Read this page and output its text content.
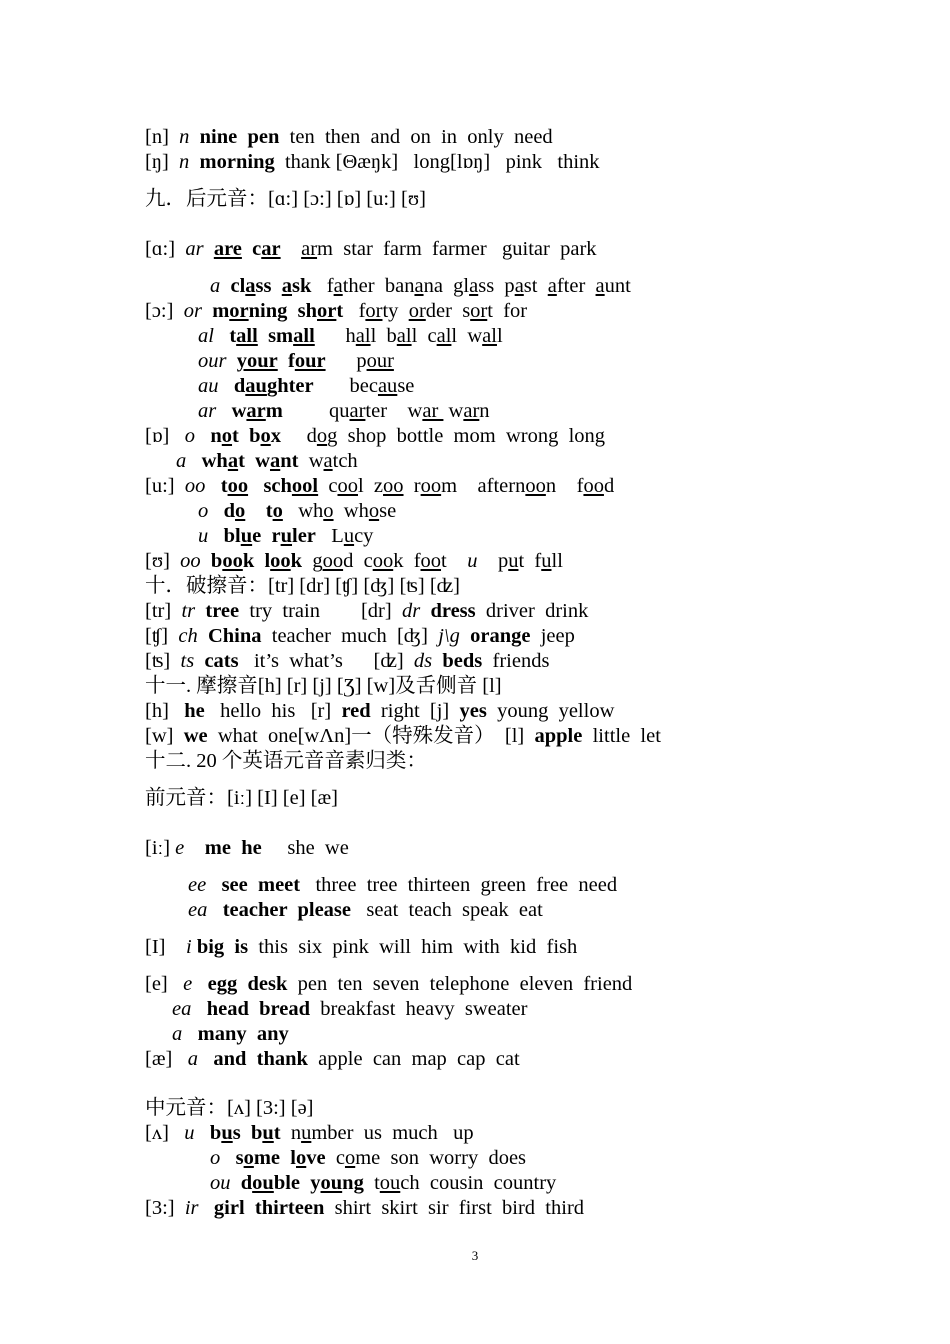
[n]  n nine  pen  ten  then  and  on  in  only  need
[ŋ]  n morning  thank [Θæŋk]   long[lɒŋ]   pink   think
九．后元音：[ɑ:] [ɔ:] [ɒ] [u:] [ʊ]
[ɑ:]  ar are car arm  star  farm  farmer   guitar  park
a class ask   father  banana  glass  past  after  aunt
[ɔ:]  or morning short   forty  order  sort  for
al tall small      hall  ball  call  wall
our your four      pour
au daughter       because
ar warm         quarter    war  warn
[ɒ]   o not box     dog  shop  bottle  mom  wrong  long
a what want  watch
[u:]  oo too school  cool  zoo  room    afternoon    food
o do to   who  whose
u blue ruler   Lucy
[ʊ]  oo book look  good  cook  foot    u    put  full
十．破擦音：[tr] [dr] [ʧ] [ʤ] [ʦ] [ʣ]
[tr]  tr tree  try  train        [dr]  dr dress  driver  drink
[ʧ]  ch China  teacher  much  [ʤ]  j\g orange jeep
[ʦ]  ts cats   it’s  what’s      [ʣ]  ds beds  friends
十一. 摩擦音[h] [r] [j] [Ʒ] [w]及舌侧音 [l]
[h]   he   hello  his   [r]  red  right  [j]  yes  young  yellow
[w]  we  what  one[wΛn]一（特殊发音）  [l]  apple  little  let
十二. 20 个英语元音音素归类：
前元音：[iː] [I] [e] [æ]
[iː] e me  he     she  we
ee see  meet   three  tree  thirteen  green  free  need
ea teacher  please   seat  teach  speak  eat
[I]    i big  is  this  six  pink  will  him  with  kid  fish
[e]   e egg  desk  pen  ten  seven  telephone  eleven  friend
ea head  bread  breakfast  heavy  sweater
a many  any
[æ]   a and  thank  apple  can  map  cap  cat
中元音：[ʌ] [3:] [ə]
[ʌ]   u bus but  number  us  much   up
o some love  come  son  worry  does
ou double young  touch  cousin  country
[3:]  ir girl  thirteen  shirt  skirt  sir  first  bird  third
3
